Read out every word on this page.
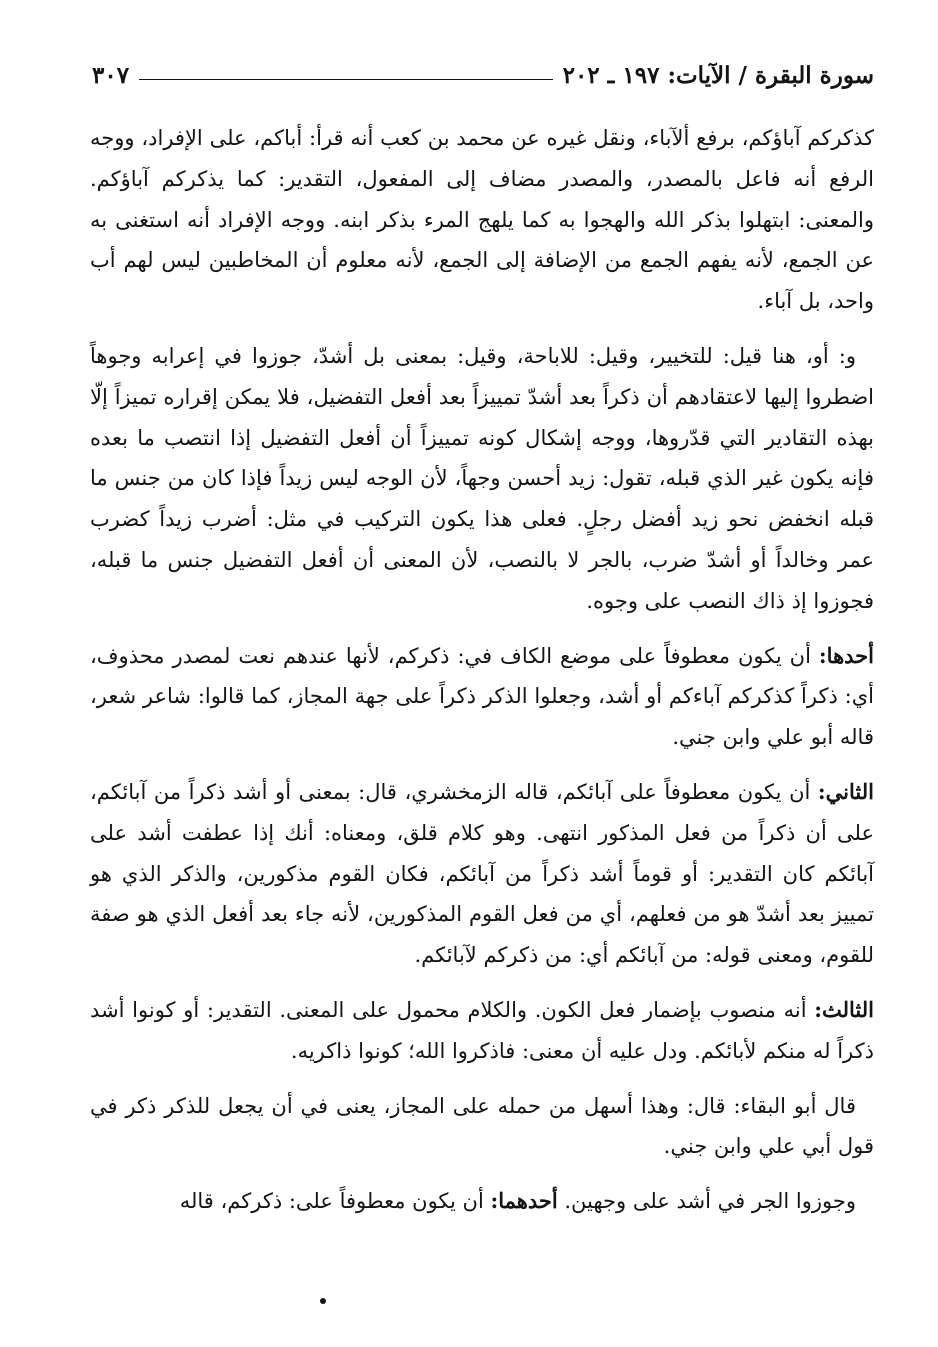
سورة البقرة / الآيات: ١٩٧ ـ ٢٠٢
٣٠٧

كذكركم آباؤكم، برفع ألآباء، ونقل غيره عن محمد بن كعب أنه قرأ: أباكم، على الإفراد، ووجه الرفع أنه فاعل بالمصدر، والمصدر مضاف إلى المفعول، التقدير: كما يذكركم آباؤكم. والمعنى: ابتهلوا بذكر الله والهجوا به كما يلهج المرء بذكر ابنه. ووجه الإفراد أنه استغنى به عن الجمع، لأنه يفهم الجمع من الإضافة إلى الجمع، لأنه معلوم أن المخاطبين ليس لهم أب واحد، بل آباء.

و: أو، هنا قيل: للتخيير، وقيل: للاباحة، وقيل: بمعنى بل أشدّ، جوزوا في إعرابه وجوهاً اضطروا إليها لاعتقادهم أن ذكراً بعد أشدّ تمييزاً بعد أفعل التفضيل، فلا يمكن إقراره تميزاً إلّا بهذه التقادير التي قدّروها، ووجه إشكال كونه تمييزاً أن أفعل التفضيل إذا انتصب ما بعده فإنه يكون غير الذي قبله، تقول: زيد أحسن وجهاً، لأن الوجه ليس زيداً فإذا كان من جنس ما قبله انخفض نحو زيد أفضل رجلٍ. فعلى هذا يكون التركيب في مثل: أضرب زيداً كضرب عمر وخالداً أو أشدّ ضرب، بالجر لا بالنصب، لأن المعنى أن أفعل التفضيل جنس ما قبله، فجوزوا إذ ذاك النصب على وجوه.

أحدها: أن يكون معطوفاً على موضع الكاف في: ذكركم، لأنها عندهم نعت لمصدر محذوف، أي: ذكراً كذكركم آباءكم أو أشد، وجعلوا الذكر ذكراً على جهة المجاز، كما قالوا: شاعر شعر، قاله أبو علي وابن جني.

الثاني: أن يكون معطوفاً على آبائكم، قاله الزمخشري، قال: بمعنى أو أشد ذكراً من آبائكم، على أن ذكراً من فعل المذكور انتهى. وهو كلام قلق، ومعناه: أنك إذا عطفت أشد على آبائكم كان التقدير: أو قوماً أشد ذكراً من آبائكم، فكان القوم مذكورين، والذكر الذي هو تمييز بعد أشدّ هو من فعلهم، أي من فعل القوم المذكورين، لأنه جاء بعد أفعل الذي هو صفة للقوم، ومعنى قوله: من آبائكم أي: من ذكركم لآبائكم.

الثالث: أنه منصوب بإضمار فعل الكون. والكلام محمول على المعنى. التقدير: أو كونوا أشد ذكراً له منكم لأبائكم. ودل عليه أن معنى: فاذكروا الله؛ كونوا ذاكريه.

قال أبو البقاء: قال: وهذا أسهل من حمله على المجاز، يعنى في أن يجعل للذكر ذكر في قول أبي علي وابن جني.

وجوزوا الجر في أشد على وجهين. أحدهما: أن يكون معطوفاً على: ذكركم، قاله
